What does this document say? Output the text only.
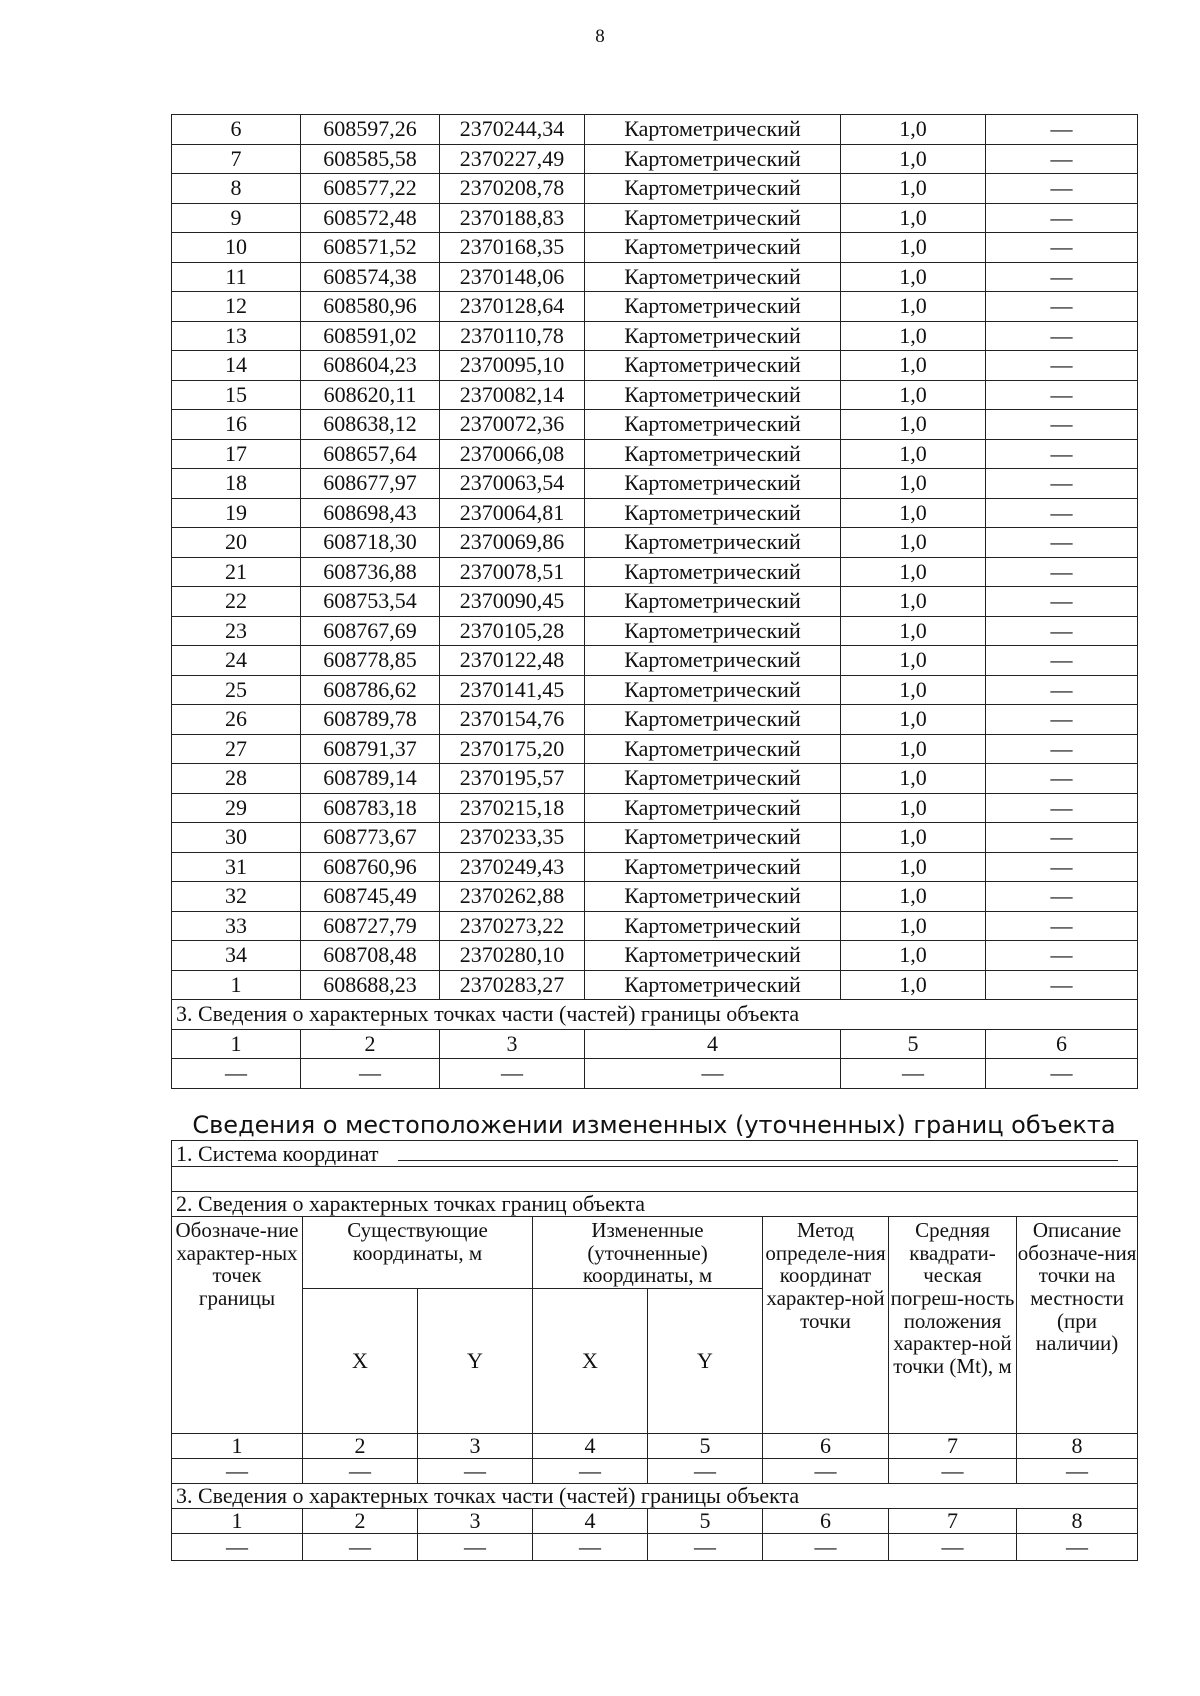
8
6	608597,26	2370244,34	Картометрический	1,0	—
7	608585,58	2370227,49	Картометрический	1,0	—
8	608577,22	2370208,78	Картометрический	1,0	—
9	608572,48	2370188,83	Картометрический	1,0	—
10	608571,52	2370168,35	Картометрический	1,0	—
11	608574,38	2370148,06	Картометрический	1,0	—
12	608580,96	2370128,64	Картометрический	1,0	—
13	608591,02	2370110,78	Картометрический	1,0	—
14	608604,23	2370095,10	Картометрический	1,0	—
15	608620,11	2370082,14	Картометрический	1,0	—
16	608638,12	2370072,36	Картометрический	1,0	—
17	608657,64	2370066,08	Картометрический	1,0	—
18	608677,97	2370063,54	Картометрический	1,0	—
19	608698,43	2370064,81	Картометрический	1,0	—
20	608718,30	2370069,86	Картометрический	1,0	—
21	608736,88	2370078,51	Картометрический	1,0	—
22	608753,54	2370090,45	Картометрический	1,0	—
23	608767,69	2370105,28	Картометрический	1,0	—
24	608778,85	2370122,48	Картометрический	1,0	—
25	608786,62	2370141,45	Картометрический	1,0	—
26	608789,78	2370154,76	Картометрический	1,0	—
27	608791,37	2370175,20	Картометрический	1,0	—
28	608789,14	2370195,57	Картометрический	1,0	—
29	608783,18	2370215,18	Картометрический	1,0	—
30	608773,67	2370233,35	Картометрический	1,0	—
31	608760,96	2370249,43	Картометрический	1,0	—
32	608745,49	2370262,88	Картометрический	1,0	—
33	608727,79	2370273,22	Картометрический	1,0	—
34	608708,48	2370280,10	Картометрический	1,0	—
1	608688,23	2370283,27	Картометрический	1,0	—
3. Сведения о характерных точках части (частей) границы объекта					
1	2	3	4	5	6
—	—	—	—	—	—
Сведения о местоположении измененных (уточненных) границ объекта
1. Система координат							

2. Сведения о характерных точках границ объекта							
Обозначе-ние характер-ных точек границы	Существующие координаты, м		Измененные (уточненные) координаты, м		Метод определе-ния координат характер-ной точки	Средняя квадрати-ческая погреш-ность положения характер-ной точки (Mt), м	Описание обозначе-ния точки на местности (при наличии)
	X	Y	X	Y			
1	2	3	4	5	6	7	8
—	—	—	—	—	—	—	—
3. Сведения о характерных точках части (частей) границы объекта							
1	2	3	4	5	6	7	8
—	—	—	—	—	—	—	—
